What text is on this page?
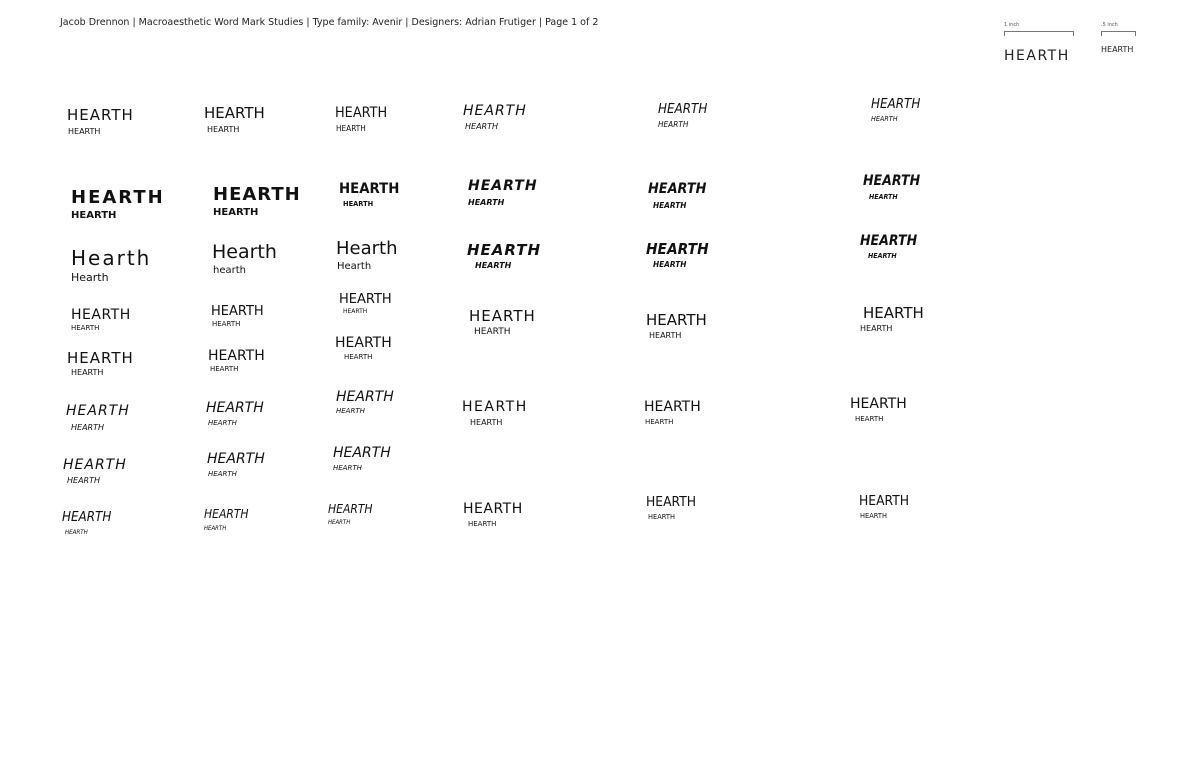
Jacob Drennon | Macroaesthetic Word Mark Studies | Type family: Avenir | Designers: Adrian Frutiger | Page 1 of 2	1 inch
HEARTH
.5 inch
HEARTH
HEARTH
HEARTH
HEARTH
HEARTH
HEARTH
HEARTH
HEARTH
HEARTH
HEARTH
HEARTH
HEARTH
HEARTH
HEARTH
HEARTH
HEARTH
HEARTH
HEARTH
HEARTH
HEARTH
HEARTH
HEARTH
HEARTH
HEARTH
HEARTH
Hearth
Hearth
Hearth
hearth
Hearth
Hearth
HEARTH
HEARTH
HEARTH
HEARTH
HEARTH
HEARTH
HEARTH
HEARTH
HEARTH
HEARTH
HEARTH
HEARTH	HEARTH
HEARTH
HEARTH
HEARTH
HEARTH
HEARTH
HEARTH
HEARTH
HEARTH
HEARTH
HEARTH
HEARTH
HEARTH
HEARTH
HEARTH
HEARTH
HEARTH
HEARTH	HEARTH
HEARTH
HEARTH
HEARTH
HEARTH
HEARTH
HEARTH
HEARTH
HEARTH
HEARTH
HEARTH
HEARTH
HEARTH
HEARTH
HEARTH
HEARTH
HEARTH
HEARTH
HEARTH
HEARTH
HEARTH
HEARTH
HEARTH
HEARTH
